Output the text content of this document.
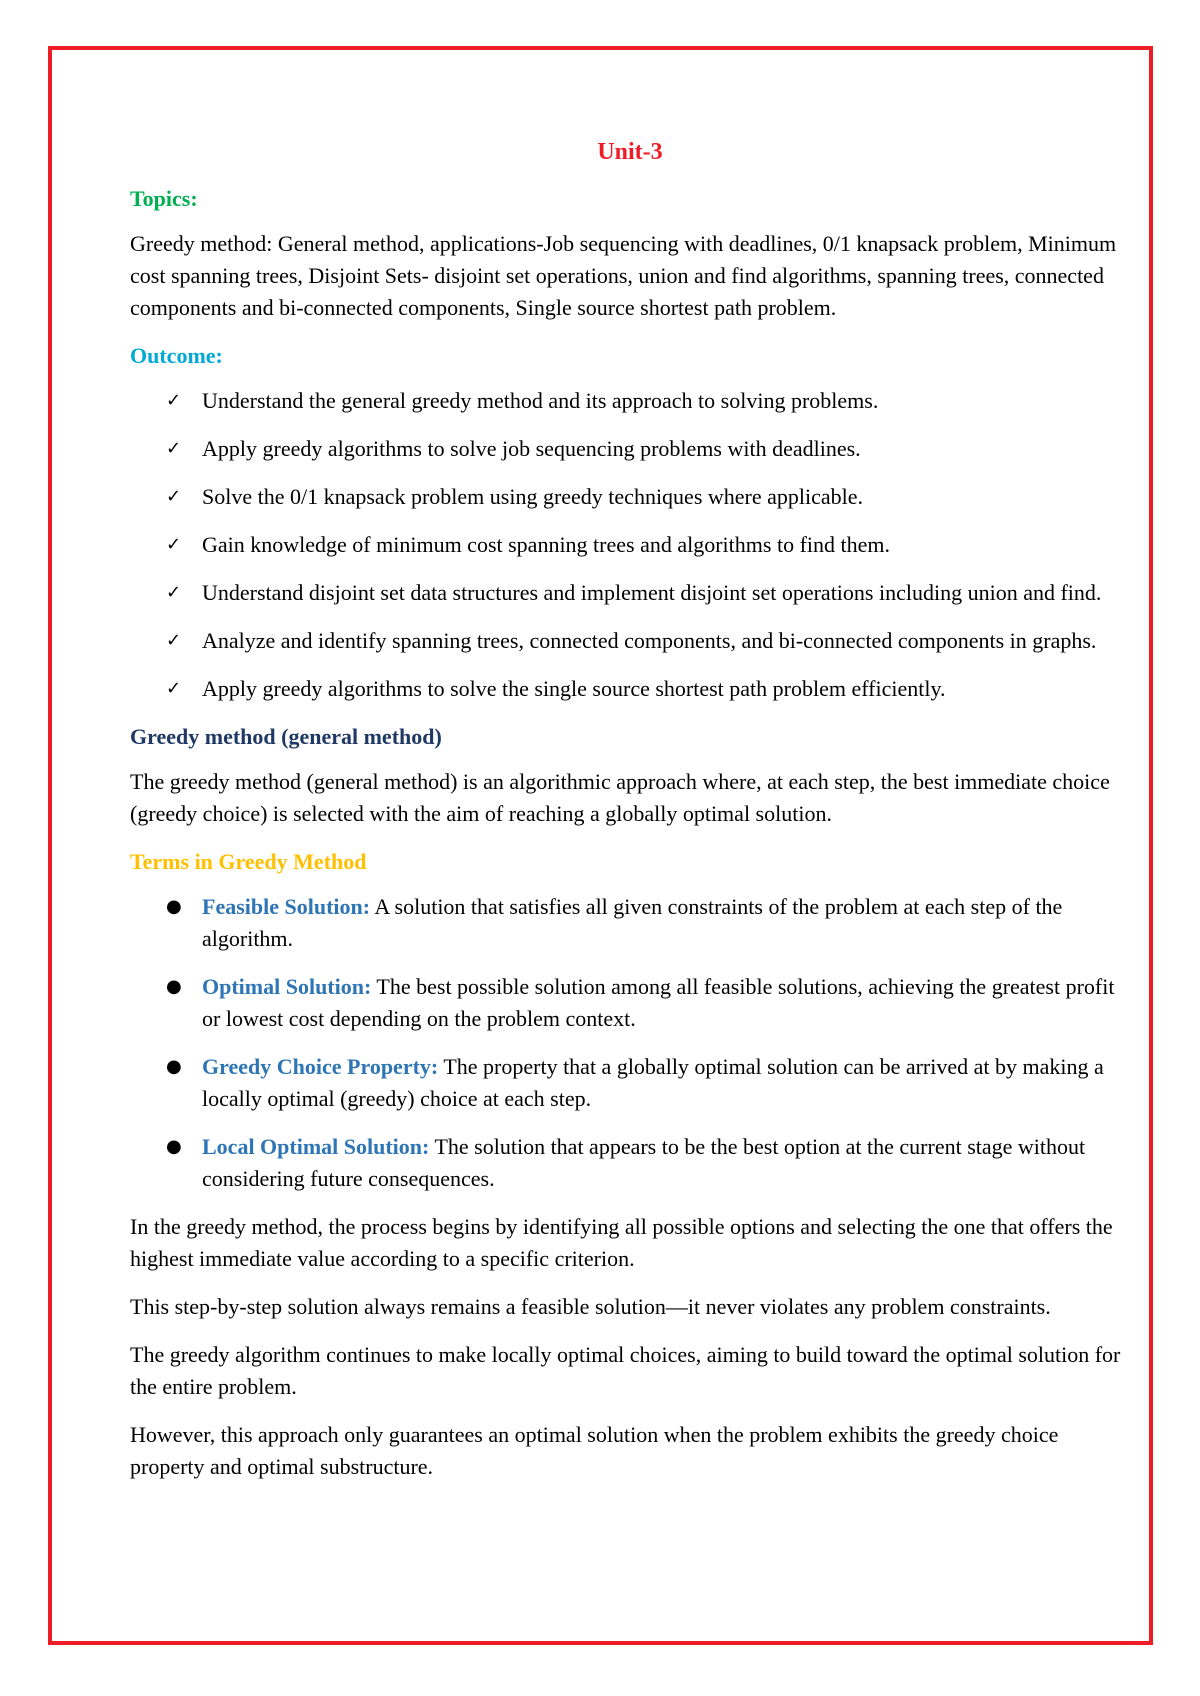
Unit-3
Topics:

Greedy method: General method, applications-Job sequencing with deadlines, 0/1 knapsack problem, Minimum cost spanning trees, Disjoint Sets- disjoint set operations, union and find algorithms, spanning trees, connected components and bi-connected components, Single source shortest path problem.

Outcome:
✓ Understand the general greedy method and its approach to solving problems.
✓ Apply greedy algorithms to solve job sequencing problems with deadlines.
✓ Solve the 0/1 knapsack problem using greedy techniques where applicable.
✓ Gain knowledge of minimum cost spanning trees and algorithms to find them.
✓ Understand disjoint set data structures and implement disjoint set operations including union and find.
✓ Analyze and identify spanning trees, connected components, and bi-connected components in graphs.
✓ Apply greedy algorithms to solve the single source shortest path problem efficiently.
Greedy method (general method)

The greedy method (general method) is an algorithmic approach where, at each step, the best immediate choice (greedy choice) is selected with the aim of reaching a globally optimal solution.

Terms in Greedy Method
● Feasible Solution: A solution that satisfies all given constraints of the problem at each step of the algorithm.
● Optimal Solution: The best possible solution among all feasible solutions, achieving the greatest profit or lowest cost depending on the problem context.
● Greedy Choice Property: The property that a globally optimal solution can be arrived at by making a locally optimal (greedy) choice at each step.
● Local Optimal Solution: The solution that appears to be the best option at the current stage without considering future consequences.

In the greedy method, the process begins by identifying all possible options and selecting the one that offers the highest immediate value according to a specific criterion.

This step-by-step solution always remains a feasible solution—it never violates any problem constraints.

The greedy algorithm continues to make locally optimal choices, aiming to build toward the optimal solution for the entire problem.

However, this approach only guarantees an optimal solution when the problem exhibits the greedy choice property and optimal substructure.
